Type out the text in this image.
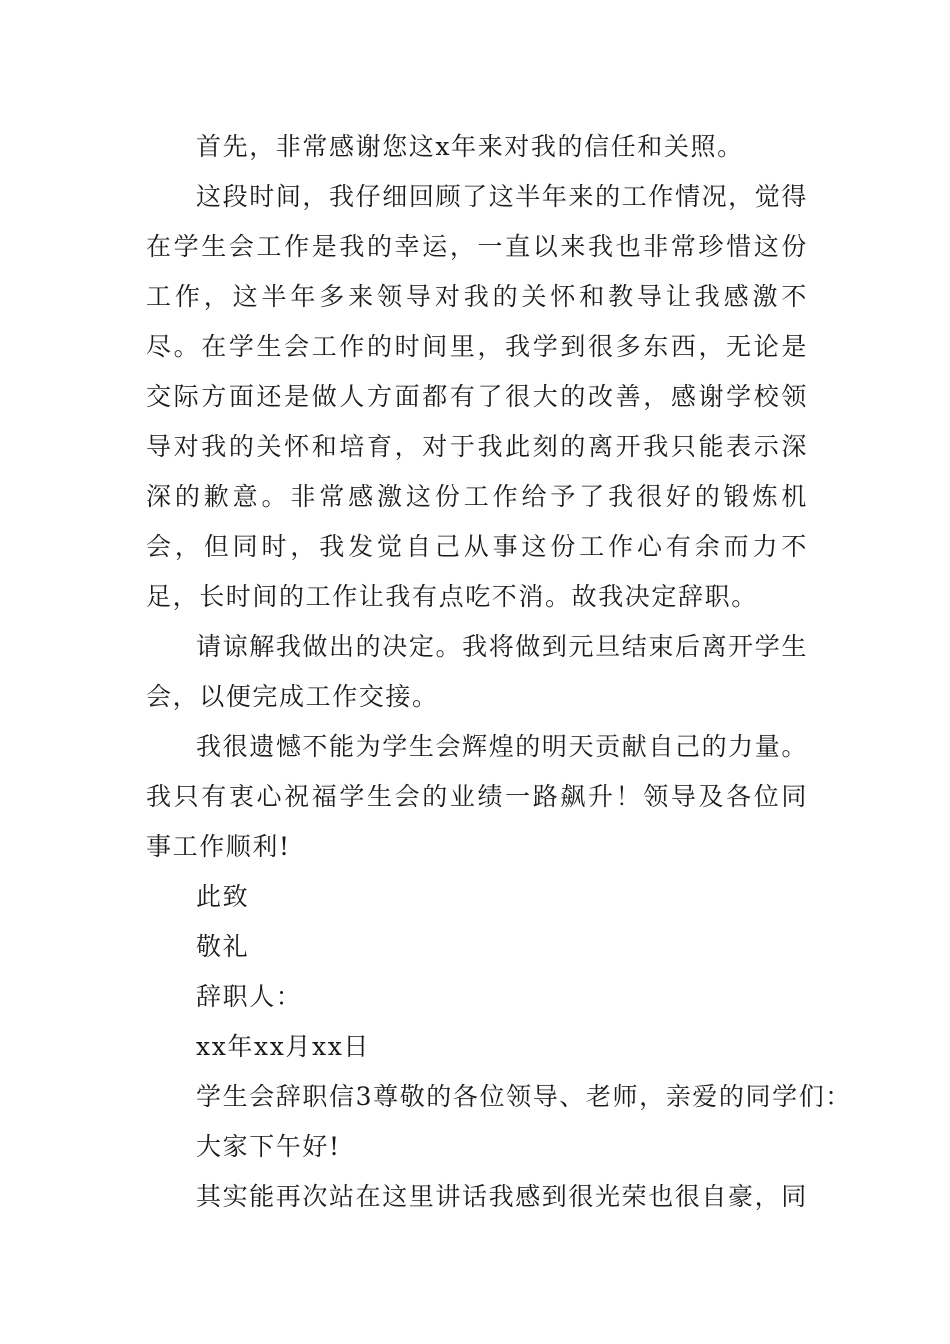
首先，非常感谢您这x年来对我的信任和关照。

这段时间，我仔细回顾了这半年来的工作情况，觉得在学生会工作是我的幸运，一直以来我也非常珍惜这份工作，这半年多来领导对我的关怀和教导让我感激不尽。在学生会工作的时间里，我学到很多东西，无论是交际方面还是做人方面都有了很大的改善，感谢学校领导对我的关怀和培育，对于我此刻的离开我只能表示深深的歉意。非常感激这份工作给予了我很好的锻炼机会，但同时，我发觉自己从事这份工作心有余而力不足，长时间的工作让我有点吃不消。故我决定辞职。

请谅解我做出的决定。我将做到元旦结束后离开学生会，以便完成工作交接。

我很遗憾不能为学生会辉煌的明天贡献自己的力量。我只有衷心祝福学生会的业绩一路飙升！领导及各位同事工作顺利!

此致

敬礼

辞职人：

xx年xx月xx日

学生会辞职信3尊敬的各位领导、老师，亲爱的同学们：

大家下午好!

其实能再次站在这里讲话我感到很光荣也很自豪，同
